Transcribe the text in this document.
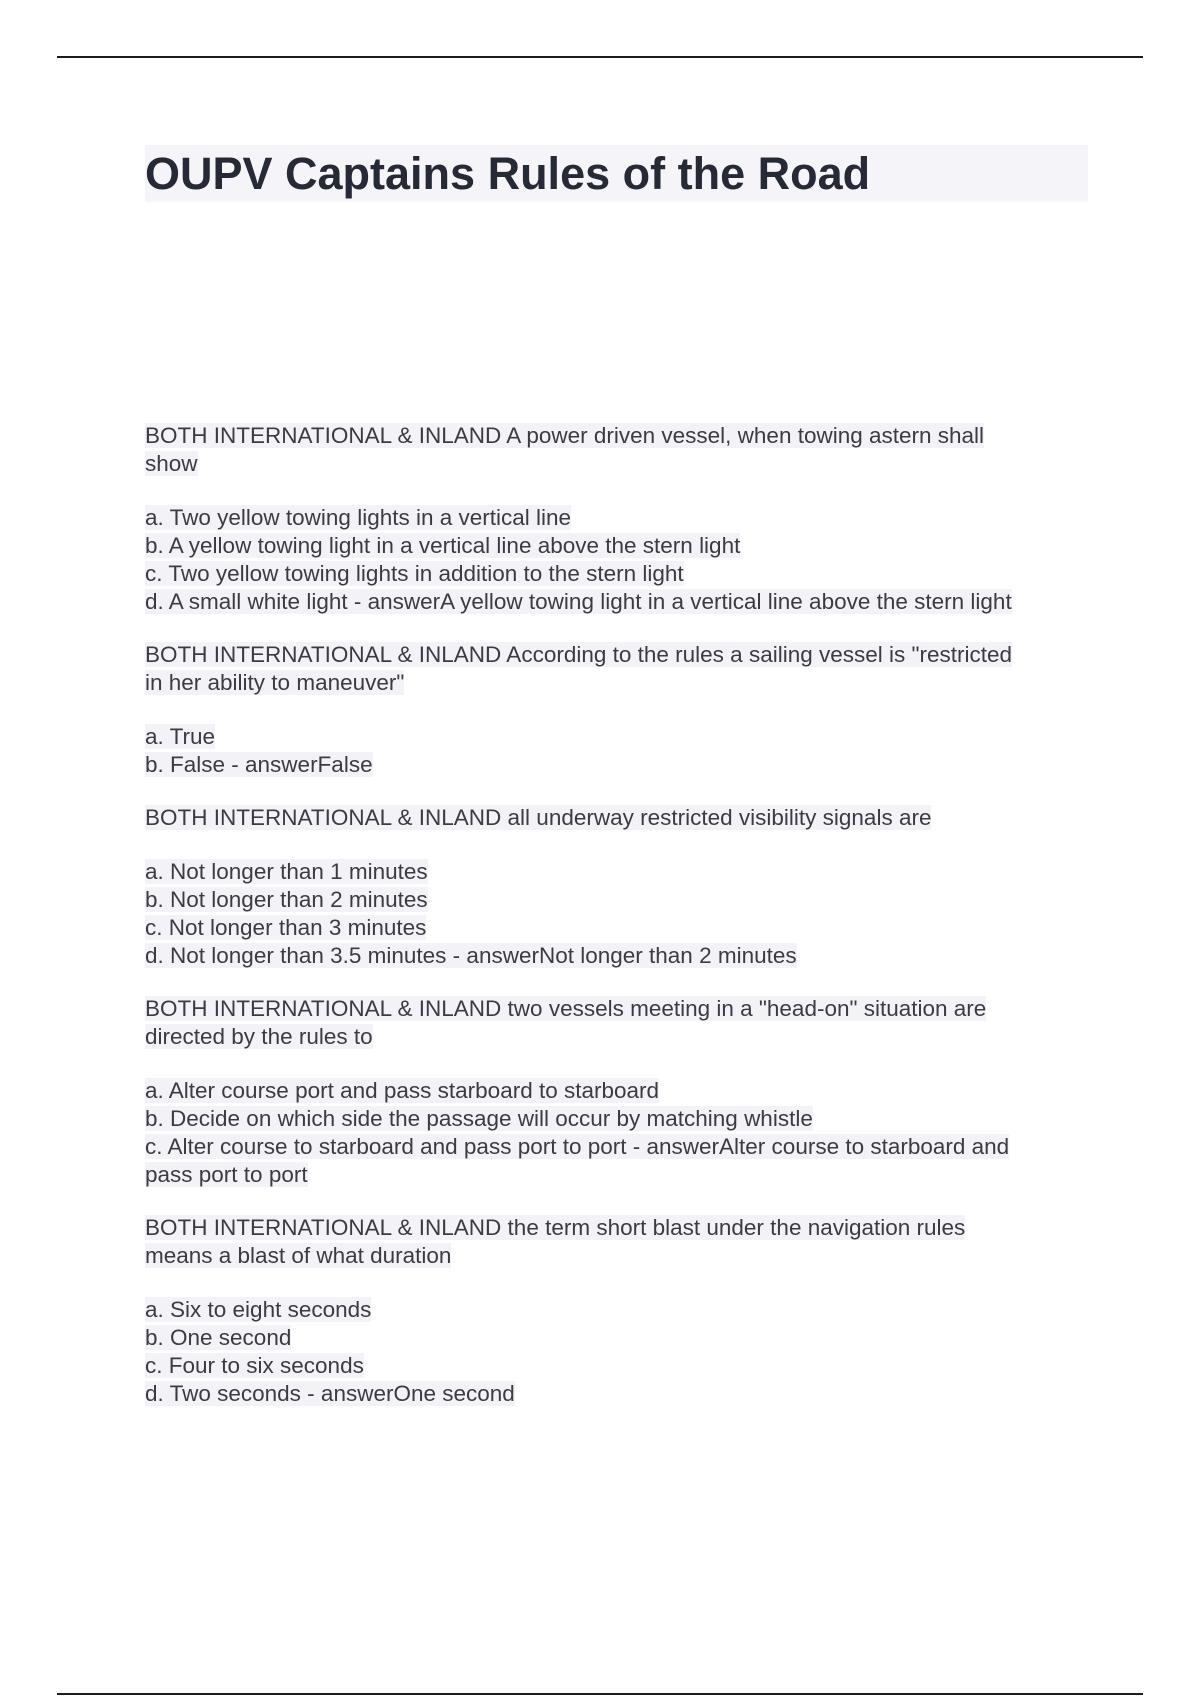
OUPV Captains Rules of the Road
BOTH INTERNATIONAL & INLAND A power driven vessel, when towing astern shall
show
a. Two yellow towing lights in a vertical line
b. A yellow towing light in a vertical line above the stern light
c. Two yellow towing lights in addition to the stern light
d. A small white light - answerA yellow towing light in a vertical line above the stern light
BOTH INTERNATIONAL & INLAND According to the rules a sailing vessel is "restricted
in her ability to maneuver"
a. True
b. False - answerFalse
BOTH INTERNATIONAL & INLAND all underway restricted visibility signals are
a. Not longer than 1 minutes
b. Not longer than 2 minutes
c. Not longer than 3 minutes
d. Not longer than 3.5 minutes - answerNot longer than 2 minutes
BOTH INTERNATIONAL & INLAND two vessels meeting in a "head-on" situation are
directed by the rules to
a. Alter course port and pass starboard to starboard
b. Decide on which side the passage will occur by matching whistle
c. Alter course to starboard and pass port to port - answerAlter course to starboard and
pass port to port
BOTH INTERNATIONAL & INLAND the term short blast under the navigation rules
means a blast of what duration
a. Six to eight seconds
b. One second
c. Four to six seconds
d. Two seconds - answerOne second
